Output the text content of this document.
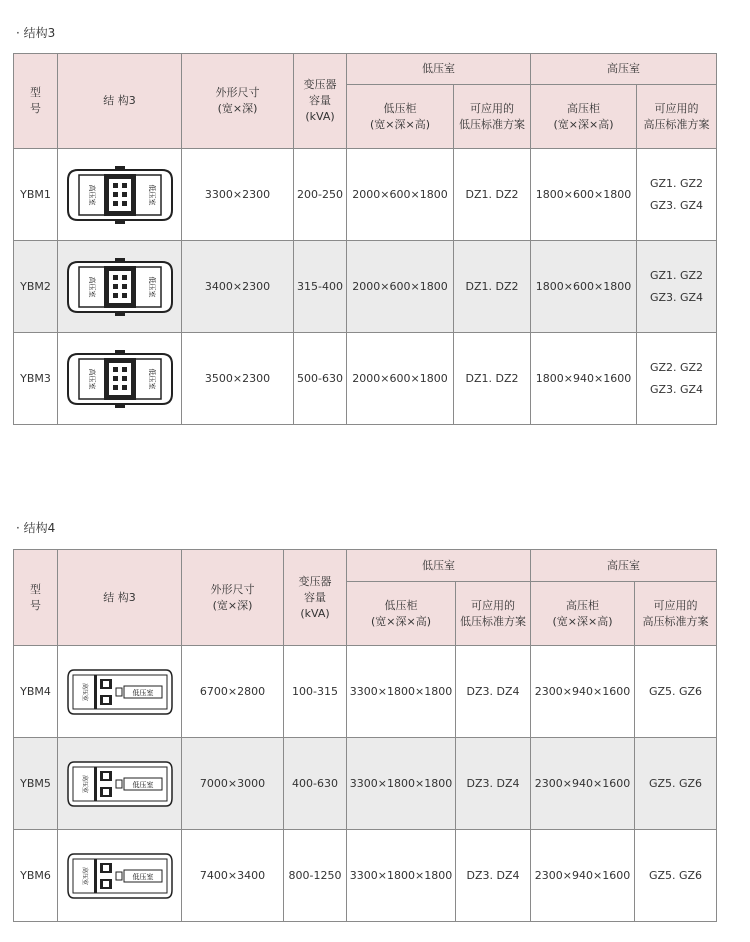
· 结构3
型
号	结 构3	外形尺寸
(宽×深)	变压器
容量
(kVA)	低压室		高压室	

				低压柜
(宽×深×高)	可应用的
低压标准方案	高压柜
(宽×深×高)	可应用的
高压标准方案

YBM1	高压室 低压室	3300×2300	200-250	2000×600×1800	DZ1. DZ2	1800×600×1800	GZ1. GZ2
GZ3. GZ4

YBM2	高压室 低压室	3400×2300	315-400	2000×600×1800	DZ1. DZ2	1800×600×1800	GZ1. GZ2
GZ3. GZ4

YBM3	高压室 低压室	3500×2300	500-630	2000×600×1800	DZ1. DZ2	1800×940×1600	GZ2. GZ2
GZ3. GZ4
· 结构4
型
号	结 构3	外形尺寸
(宽×深)	变压器
容量
(kVA)	低压室		高压室	

				低压柜
(宽×深×高)	可应用的
低压标准方案	高压柜
(宽×深×高)	可应用的
高压标准方案

YBM4	高压室 低压室	6700×2800	100-315	3300×1800×1800	DZ3. DZ4	2300×940×1600	GZ5. GZ6
YBM5	高压室 低压室	7000×3000	400-630	3300×1800×1800	DZ3. DZ4	2300×940×1600	GZ5. GZ6
YBM6	高压室 低压室	7400×3400	800-1250	3300×1800×1800	DZ3. DZ4	2300×940×1600	GZ5. GZ6
